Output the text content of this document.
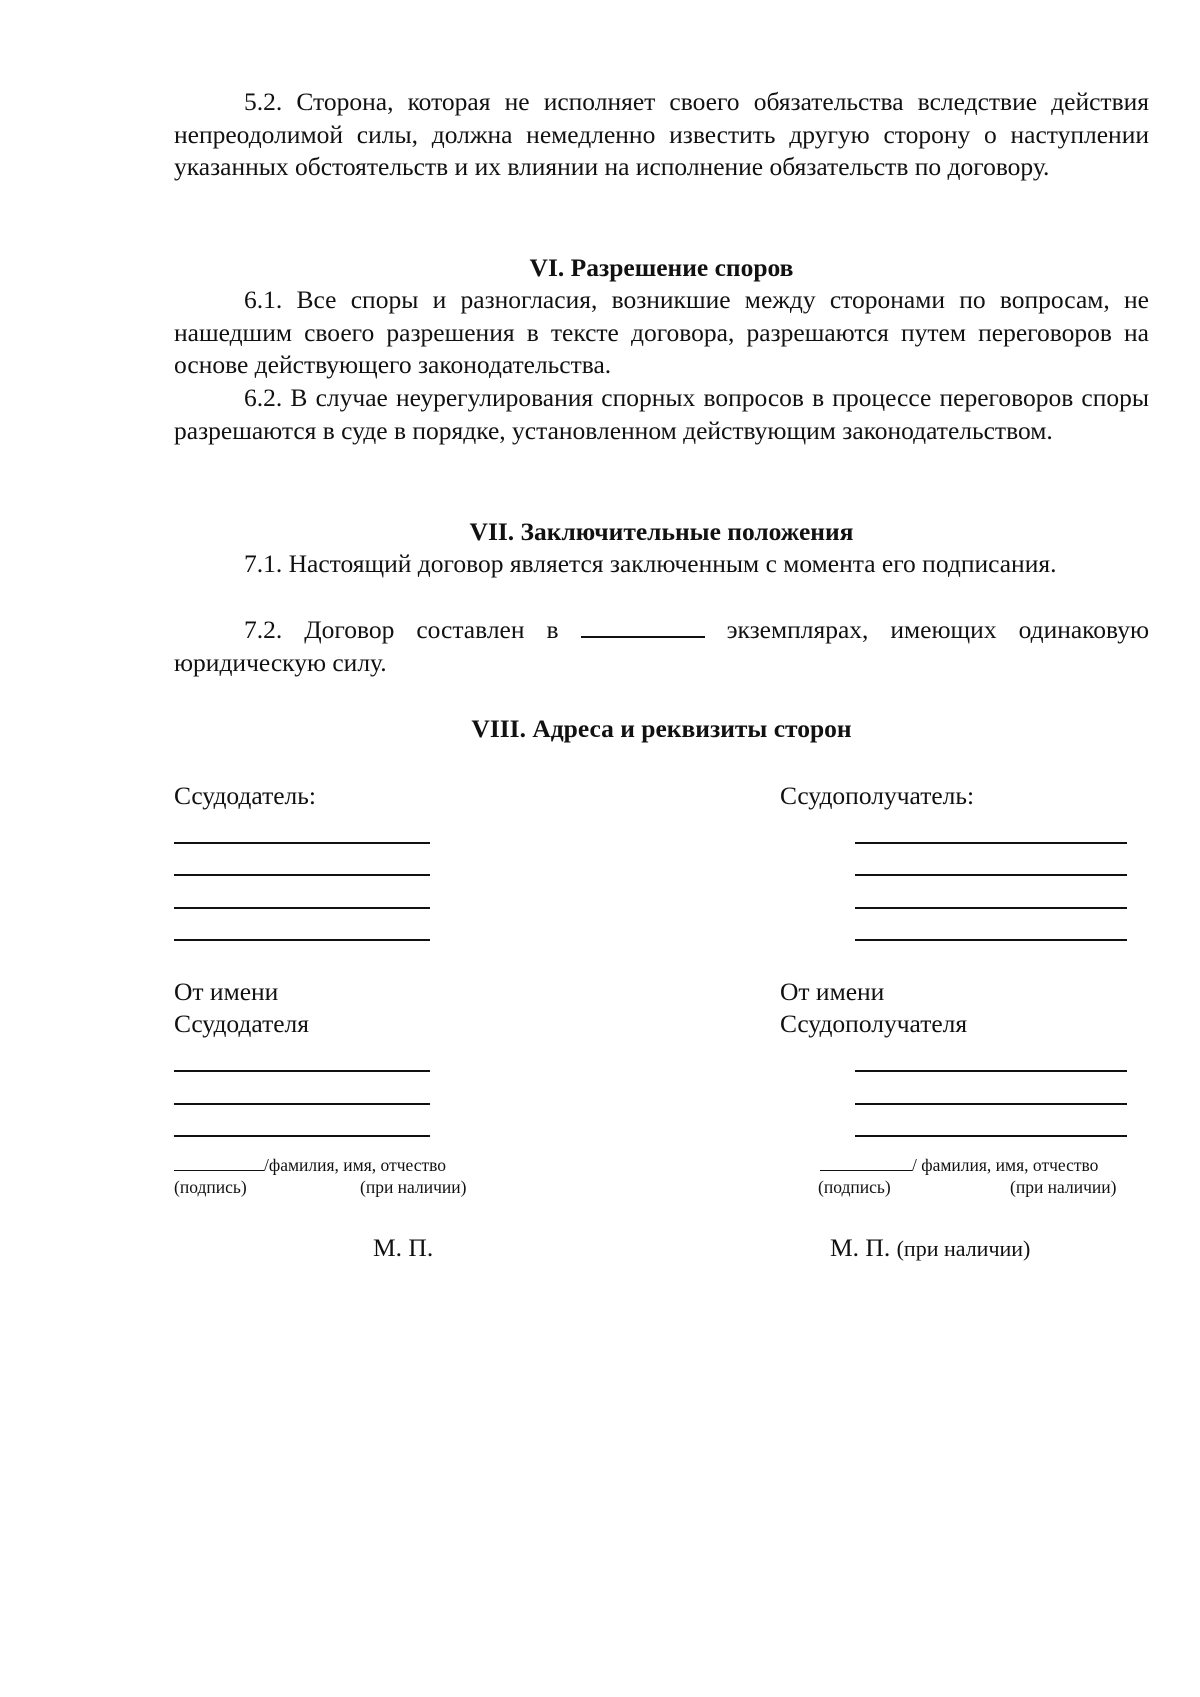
5.2. Сторона, которая не исполняет своего обязательства вследствие действия непреодолимой силы, должна немедленно известить другую сторону о наступлении указанных обстоятельств и их влиянии на исполнение обязательств по договору.

VI. Разрешение споров

6.1. Все споры и разногласия, возникшие между сторонами по вопросам, не нашедшим своего разрешения в тексте договора, разрешаются путем переговоров на основе действующего законодательства.

6.2. В случае неурегулирования спорных вопросов в процессе переговоров споры разрешаются в суде в порядке, установленном действующим законодательством.

VII. Заключительные положения

7.1. Настоящий договор является заключенным с момента его подписания.

7.2. Договор составлен в	экземплярах, имеющих одинаковую юридическую силу.

VIII. Адреса и реквизиты сторон

Ссудодатель:
От имени
Ссудодателя
/фамилия, имя, отчество
(подпись)	(при наличии)
М. П.
Ссудополучатель:
От имени
Ссудополучателя
/ фамилия, имя, отчество
(подпись)	(при наличии)
М. П. (при наличии)
